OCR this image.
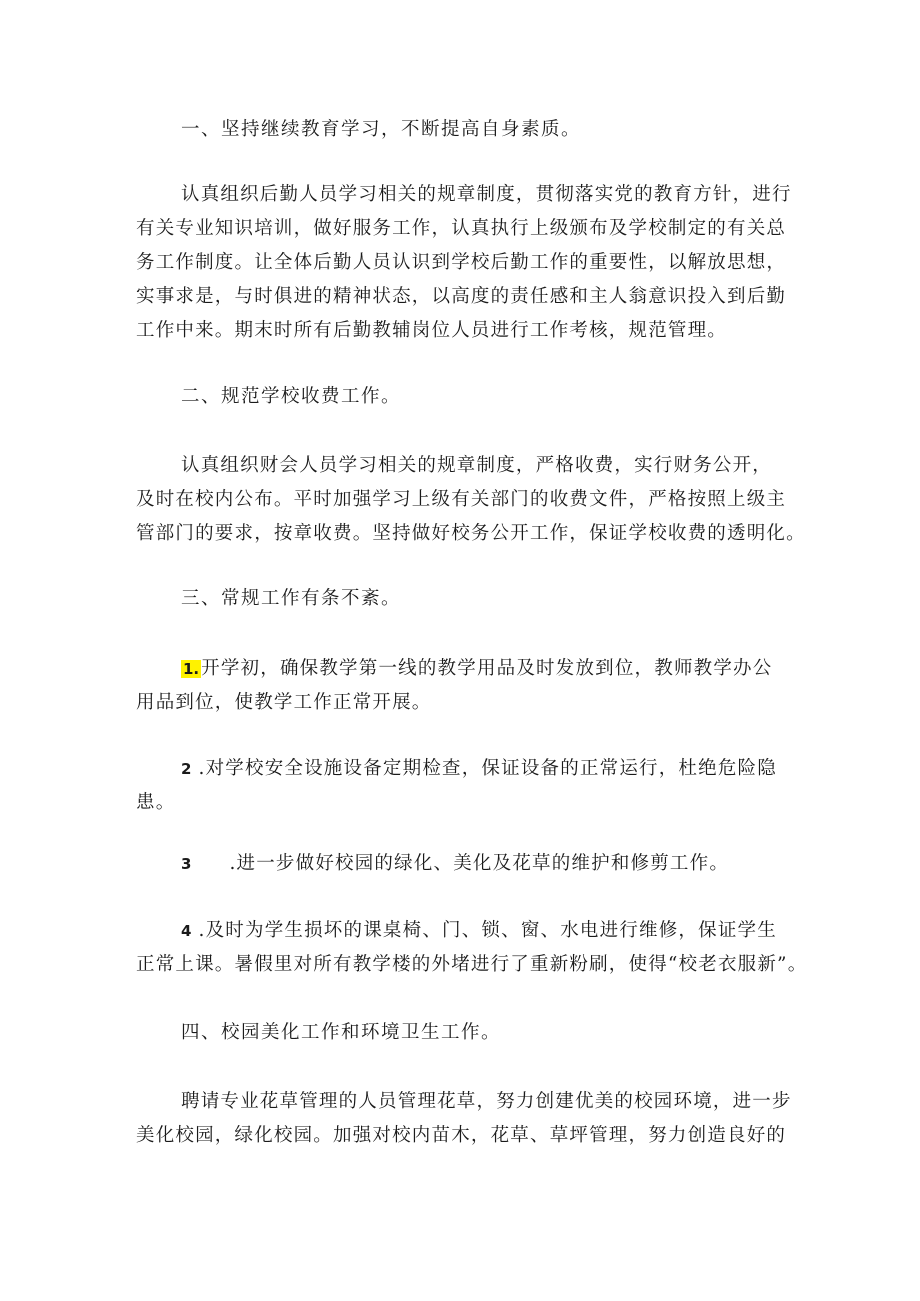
一、坚持继续教育学习，不断提高自身素质。

认真组织后勤人员学习相关的规章制度，贯彻落实党的教育方针，进行
有关专业知识培训，做好服务工作，认真执行上级颁布及学校制定的有关总
务工作制度。让全体后勤人员认识到学校后勤工作的重要性，以解放思想，
实事求是，与时俱进的精神状态，以高度的责任感和主人翁意识投入到后勤
工作中来。期末时所有后勤教辅岗位人员进行工作考核，规范管理。

二、规范学校收费工作。

认真组织财会人员学习相关的规章制度，严格收费，实行财务公开，
及时在校内公布。平时加强学习上级有关部门的收费文件，严格按照上级主
管部门的要求，按章收费。坚持做好校务公开工作，保证学校收费的透明化。

三、常规工作有条不紊。

1. 开学初，确保教学第一线的教学用品及时发放到位，教师教学办公
用品到位，使教学工作正常开展。
2 .对学校安全设施设备定期检查，保证设备的正常运行，杜绝危险隐
患。
3 .进一步做好校园的绿化、美化及花草的维护和修剪工作。
4 .及时为学生损坏的课桌椅、门、锁、窗、水电进行维修，保证学生
正常上课。暑假里对所有教学楼的外堵进行了重新粉刷，使得“校老衣服新”。

四、校园美化工作和环境卫生工作。

聘请专业花草管理的人员管理花草，努力创建优美的校园环境，进一步
美化校园，绿化校园。加强对校内苗木，花草、草坪管理，努力创造良好的
